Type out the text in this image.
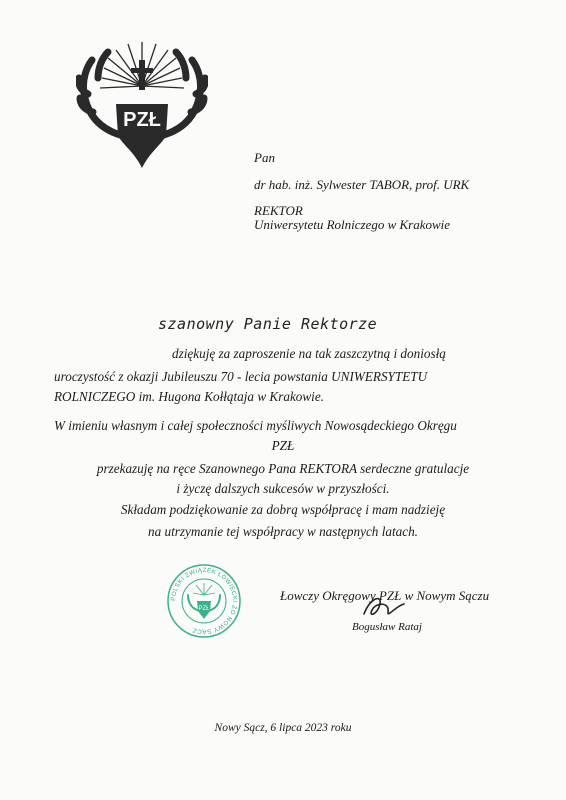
PZŁ
Pan
dr hab. inż. Sylwester TABOR, prof. URK
REKTOR
Uniwersytetu Rolniczego w Krakowie
szanowny Panie Rektorze
dziękuję za zaproszenie na tak zaszczytną i doniosłą
uroczystość z okazji Jubileuszu 70 - lecia powstania UNIWERSYTETU
ROLNICZEGO im. Hugona Kołłątaja w Krakowie.
W imieniu własnym i całej społeczności myśliwych Nowosądeckiego Okręgu
PZŁ
przekazuję na ręce Szanownego Pana REKTORA serdeczne gratulacje
i życzę dalszych sukcesów w przyszłości.
Składam podziękowanie za dobrą współpracę i mam nadzieję
na utrzymanie tej współpracy w następnych latach.
POLSKI ZWIĄZEK ŁOWIECKI ZO NOWY SĄCZ
PZŁ
Łowczy Okręgowy PZŁ w Nowym Sączu
Bogusław Rataj
Nowy Sącz, 6 lipca 2023 roku
